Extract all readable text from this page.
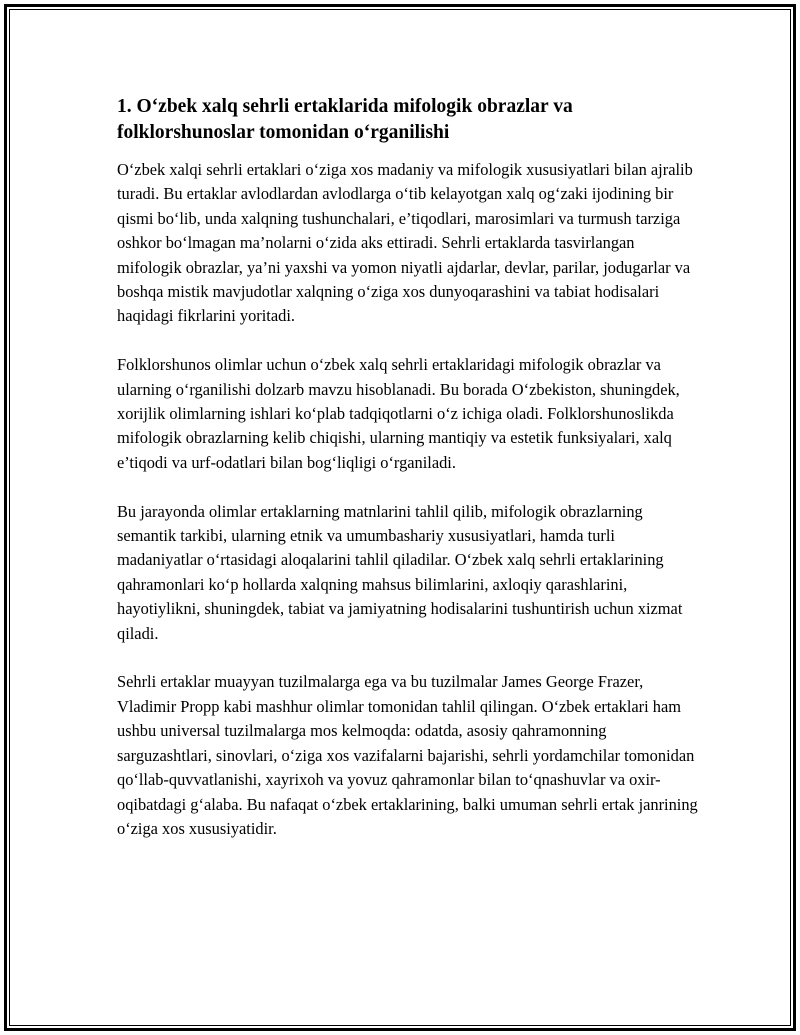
1. O‘zbek xalq sehrli ertaklarida mifologik obrazlar va folklorshunoslar tomonidan o‘rganilishi

O‘zbek xalqi sehrli ertaklari o‘ziga xos madaniy va mifologik xususiyatlari bilan ajralib turadi. Bu ertaklar avlodlardan avlodlarga o‘tib kelayotgan xalq og‘zaki ijodining bir qismi bo‘lib, unda xalqning tushunchalari, e’tiqodlari, marosimlari va turmush tarziga oshkor bo‘lmagan ma’nolarni o‘zida aks ettiradi. Sehrli ertaklarda tasvirlangan mifologik obrazlar, ya’ni yaxshi va yomon niyatli ajdarlar, devlar, parilar, jodugarlar va boshqa mistik mavjudotlar xalqning o‘ziga xos dunyoqarashini va tabiat hodisalari haqidagi fikrlarini yoritadi.

Folklorshunos olimlar uchun o‘zbek xalq sehrli ertaklaridagi mifologik obrazlar va ularning o‘rganilishi dolzarb mavzu hisoblanadi. Bu borada O‘zbekiston, shuningdek, xorijlik olimlarning ishlari ko‘plab tadqiqotlarni o‘z ichiga oladi. Folklorshunoslikda mifologik obrazlarning kelib chiqishi, ularning mantiqiy va estetik funksiyalari, xalq e’tiqodi va urf-odatlari bilan bog‘liqligi o‘rganiladi.

Bu jarayonda olimlar ertaklarning matnlarini tahlil qilib, mifologik obrazlarning semantik tarkibi, ularning etnik va umumbashariy xususiyatlari, hamda turli madaniyatlar o‘rtasidagi aloqalarini tahlil qiladilar. O‘zbek xalq sehrli ertaklarining qahramonlari ko‘p hollarda xalqning mahsus bilimlarini, axloqiy qarashlarini, hayotiylikni, shuningdek, tabiat va jamiyatning hodisalarini tushuntirish uchun xizmat qiladi.

Sehrli ertaklar muayyan tuzilmalarga ega va bu tuzilmalar James George Frazer, Vladimir Propp kabi mashhur olimlar tomonidan tahlil qilingan. O‘zbek ertaklari ham ushbu universal tuzilmalarga mos kelmoqda: odatda, asosiy qahramonning sarguzashtlari, sinovlari, o‘ziga xos vazifalarni bajarishi, sehrli yordamchilar tomonidan qo‘llab-quvvatlanishi, xayrixoh va yovuz qahramonlar bilan to‘qnashuvlar va oxir-oqibatdagi g‘alaba. Bu nafaqat o‘zbek ertaklarining, balki umuman sehrli ertak janrining o‘ziga xos xususiyatidir.
